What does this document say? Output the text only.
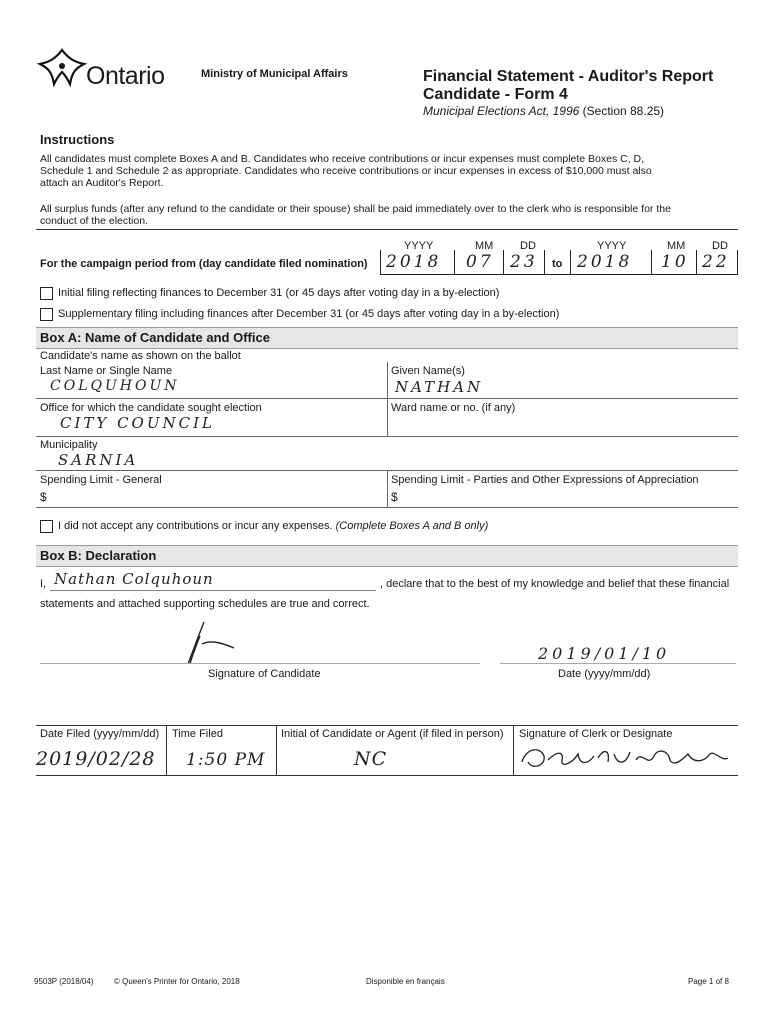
Ontario	Ministry of Municipal Affairs	Financial Statement - Auditor's Report
Candidate - Form 4
Municipal Elections Act, 1996 (Section 88.25)
Instructions
All candidates must complete Boxes A and B. Candidates who receive contributions or incur expenses must complete Boxes C, D,
Schedule 1 and Schedule 2 as appropriate. Candidates who receive contributions or incur expenses in excess of $10,000 must also
attach an Auditor's Report.
All surplus funds (after any refund to the candidate or their spouse) shall be paid immediately over to the clerk who is responsible for the
conduct of the election.
YYYY	MM DD	YYYY	MM DD
For the campaign period from (day candidate filed nomination) 2018 07 23 to 2018 10 22
Initial filing reflecting finances to December 31 (or 45 days after voting day in a by-election)
Supplementary filing including finances after December 31 (or 45 days after voting day in a by-election)
Box A: Name of Candidate and Office
Candidate's name as shown on the ballot
Last Name or Single Name
COLQUHOUN
Given Name(s)
NATHAN
Office for which the candidate sought election
CITY COUNCIL
Ward name or no. (if any)
Municipality
SARNIA
Spending Limit - General
$
Spending Limit - Parties and Other Expressions of Appreciation
$
I did not accept any contributions or incur any expenses. (Complete Boxes A and B only)
Box B: Declaration
I, Nathan Colquhoun	, declare that to the best of my knowledge and belief that these financial
statements and attached supporting schedules are true and correct.
Signature of Candidate
2019/01/10
Date (yyyy/mm/dd)
Date Filed (yyyy/mm/dd)
2019/02/28
Time Filed
1:50 PM
Initial of Candidate or Agent (if filed in person)
NC
Signature of Clerk or Designate
9503P (2018/04)	© Queen's Printer for Ontario, 2018	Disponible en français	Page 1 of 8
